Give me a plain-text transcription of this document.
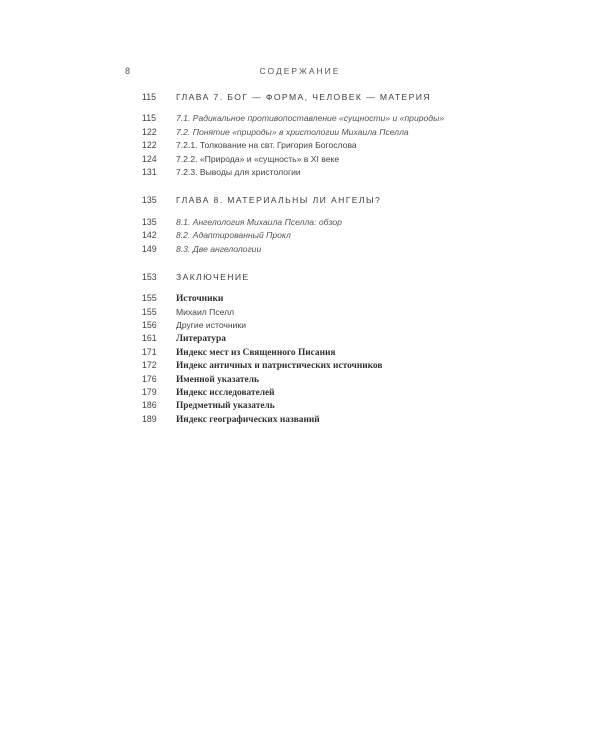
8	СОДЕРЖАНИЕ
115	ГЛАВА 7. БОГ — ФОРМА, ЧЕЛОВЕК — МАТЕРИЯ
115	7.1. Радикальное противопоставление «сущности» и «природы»
122	7.2. Понятие «природы» в христологии Михаила Пселла
122	7.2.1. Толкование на свт. Григория Богослова
124	7.2.2. «Природа» и «сущность» в XI веке
131	7.2.3. Выводы для христологии
135	ГЛАВА 8. МАТЕРИАЛЬНЫ ЛИ АНГЕЛЫ?
135	8.1. Ангелология Михаила Пселла: обзор
142	8.2. Адаптированный Прокл
149	8.3. Две ангелологии
153	ЗАКЛЮЧЕНИЕ
155	Источники
155	Михаил Пселл
156	Другие источники
161	Литература
171	Индекс мест из Священного Писания
172	Индекс античных и патристических источников
176	Именной указатель
179	Индекс исследователей
186	Предметный указатель
189	Индекс географических названий
